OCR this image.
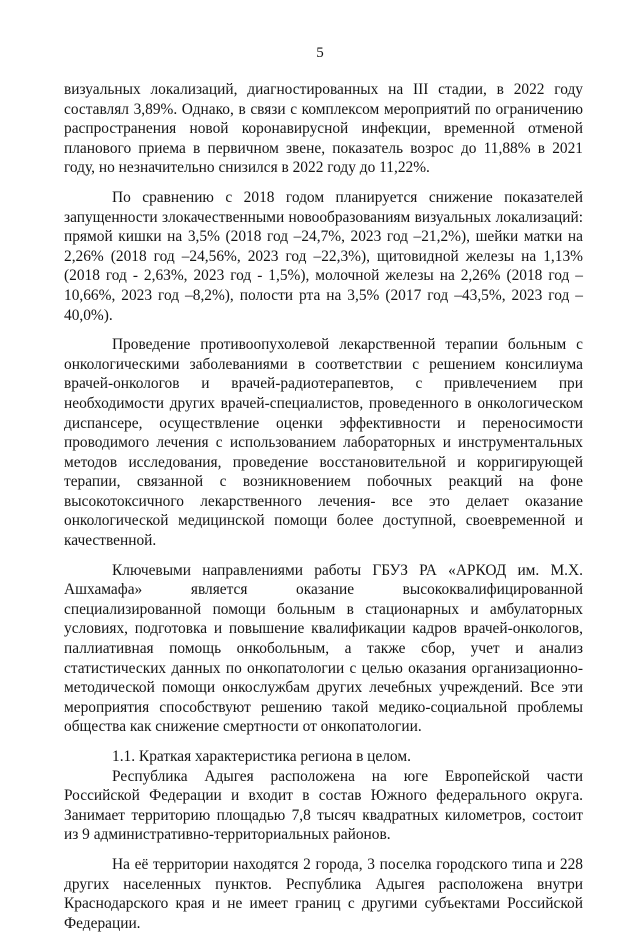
5

визуальных локализаций, диагностированных на III стадии, в 2022 году составлял 3,89%. Однако, в связи с комплексом мероприятий по ограничению распространения новой коронавирусной инфекции, временной отменой планового приема в первичном звене, показатель возрос до 11,88% в 2021 году, но незначительно снизился в 2022 году до 11,22%.

По сравнению с 2018 годом планируется снижение показателей запущенности злокачественными новообразованиям визуальных локализаций: прямой кишки на 3,5% (2018 год –24,7%, 2023 год –21,2%), шейки матки на 2,26% (2018 год –24,56%, 2023 год –22,3%), щитовидной железы на 1,13% (2018 год - 2,63%, 2023 год - 1,5%), молочной железы на 2,26% (2018 год –10,66%, 2023 год –8,2%), полости рта на 3,5% (2017 год –43,5%, 2023 год –40,0%).

Проведение противоопухолевой лекарственной терапии больным с онкологическими заболеваниями в соответствии с решением консилиума врачей-онкологов и врачей-радиотерапевтов, с привлечением при необходимости других врачей-специалистов, проведенного в онкологическом диспансере, осуществление оценки эффективности и переносимости проводимого лечения с использованием лабораторных и инструментальных методов исследования, проведение восстановительной и корригирующей терапии, связанной с возникновением побочных реакций на фоне высокотоксичного лекарственного лечения- все это делает оказание онкологической медицинской помощи более доступной, своевременной и качественной.

Ключевыми направлениями работы ГБУЗ РА «АРКОД им. М.Х. Ашхамафа» является оказание высококвалифицированной специализированной помощи больным в стационарных и амбулаторных условиях, подготовка и повышение квалификации кадров врачей-онкологов, паллиативная помощь онкобольным, а также сбор, учет и анализ статистических данных по онкопатологии с целью оказания организационно-методической помощи онкослужбам других лечебных учреждений. Все эти мероприятия способствуют решению такой медико-социальной проблемы общества как снижение смертности от онкопатологии.

1.1. Краткая характеристика региона в целом.

Республика Адыгея расположена на юге Европейской части Российской Федерации и входит в состав Южного федерального округа. Занимает территорию площадью 7,8 тысяч квадратных километров, состоит из 9 административно-территориальных районов.

На её территории находятся 2 города, 3 поселка городского типа и 228 других населенных пунктов. Республика Адыгея расположена внутри Краснодарского края и не имеет границ с другими субъектами Российской Федерации.
